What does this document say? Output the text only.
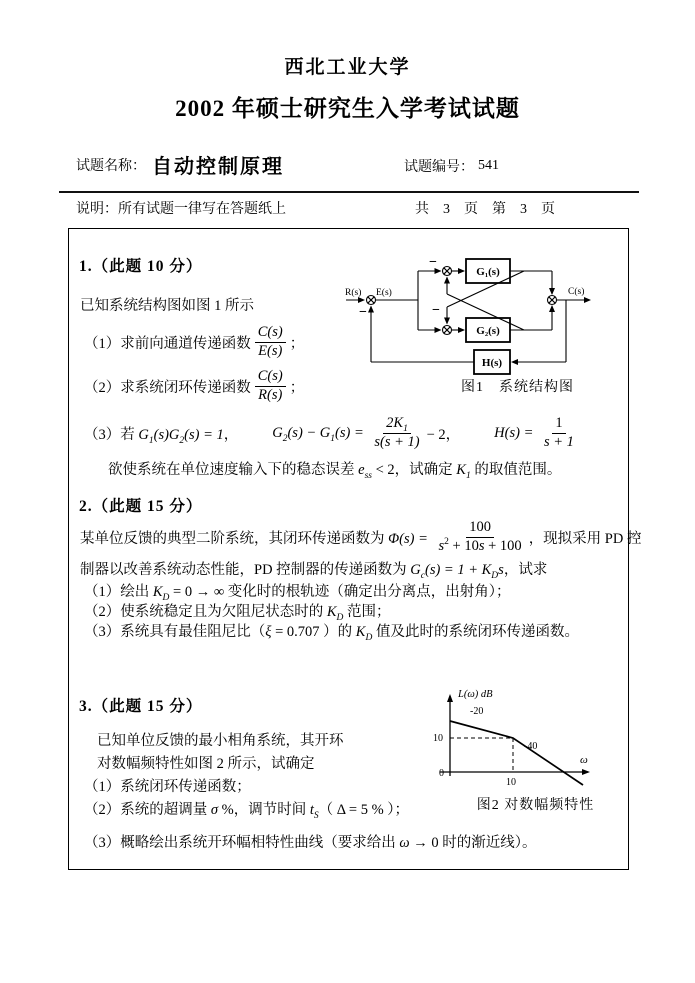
西北工业大学
2002 年硕士研究生入学考试试题
试题名称： 自动控制原理	试题编号： 541
说明： 所有试题一律写在答题纸上	共　3　页　第　3　页
1.（此题 10 分）
已知系统结构图如图 1 所示
（1）求前向通道传递函数 $\frac{C(s)}{E(s)}$ ；
（2）求系统闭环传递函数 $\frac{C(s)}{R(s)}$ ；
（3）若 $G_1(s)G_2(s) = 1$， $G_2(s) - G_1(s) = \frac{2K_1}{s(s + 1)} - 2$， $H(s) = \frac{1}{s + 1}$
欲使系统在单位速度输入下的稳态误差 $e_{ss} < 2$，试确定 $K_1$ 的取值范围。
R(s) E(s)	C(s)
G₁(s)
G₂(s)
H(s)
−
−
−
图1　系统结构图
2.（此题 15 分）
某单位反馈的典型二阶系统，其闭环传递函数为 $\Phi(s) = \frac{100}{s^2 + 10s + 100}$ ，现拟采用 PD 控
制器以改善系统动态性能，PD 控制器的传递函数为 $G_c(s) = 1 + K_Ds$，试求
（1）绘出 $K_D = 0$ → ∞ 变化时的根轨迹（确定出分离点，出射角）；
（2）使系统稳定且为欠阻尼状态时的 $K_D$ 范围；
（3）系统具有最佳阻尼比（ξ = 0.707 ）的 $K_D$ 值及此时的系统闭环传递函数。
3.（此题 15 分）
已知单位反馈的最小相角系统，其开环
对数幅频特性如图 2 所示，试确定
（1）系统闭环传递函数；
（2）系统的超调量 σ %，调节时间 $t_S$（ Δ = 5 % ）；
（3）概略绘出系统开环幅相特性曲线（要求给出 ω → 0 时的渐近线）。
L(ω) dB
-20
-40
10
0
10
ω
图2 对数幅频特性
